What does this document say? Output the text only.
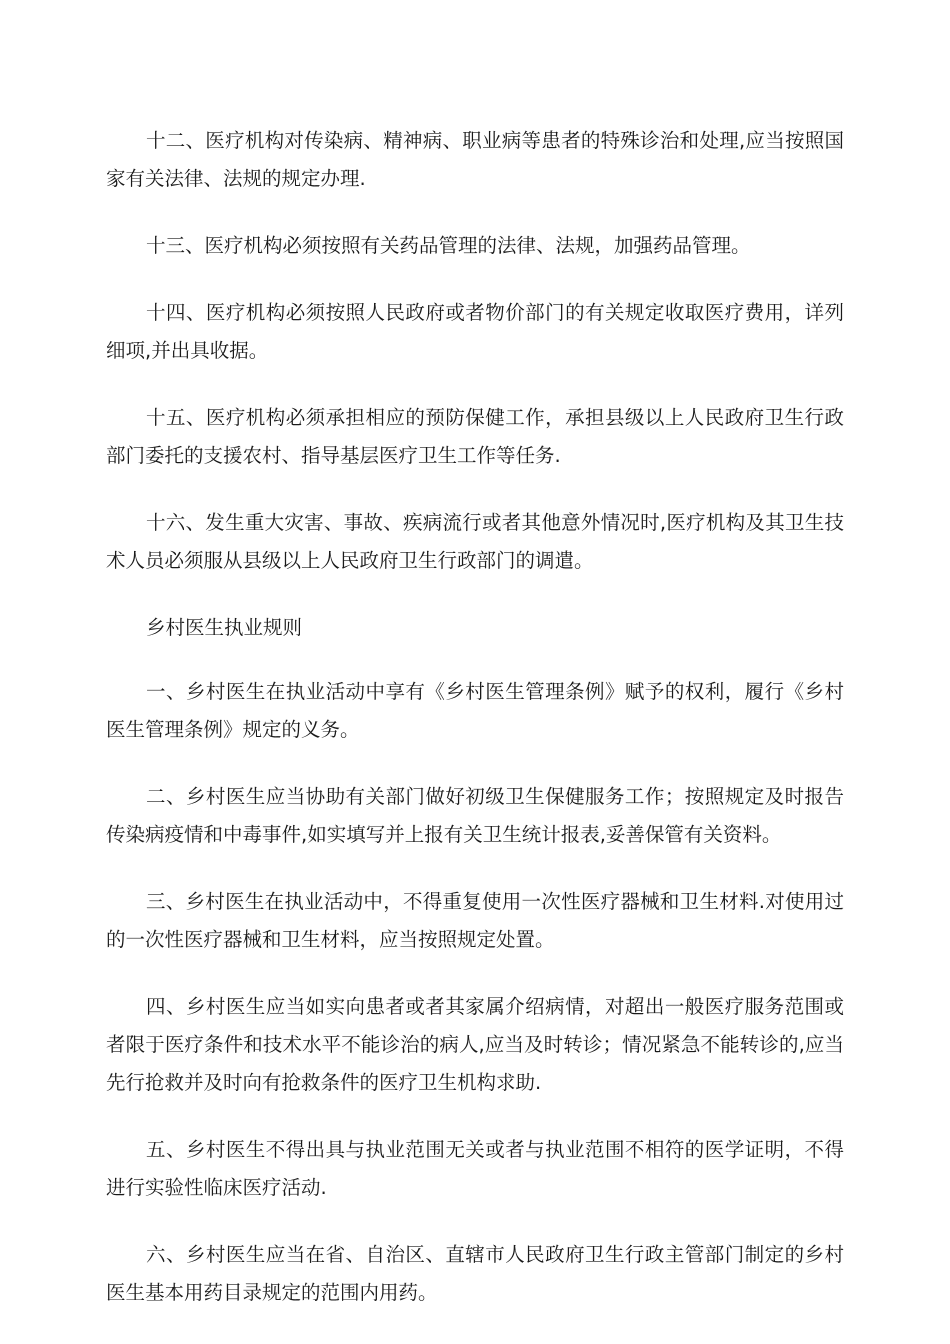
十二、医疗机构对传染病、精神病、职业病等患者的特殊诊治和处理,应当按照国家有关法律、法规的规定办理.

十三、医疗机构必须按照有关药品管理的法律、法规，加强药品管理。

十四、医疗机构必须按照人民政府或者物价部门的有关规定收取医疗费用，详列细项,并出具收据。

十五、医疗机构必须承担相应的预防保健工作，承担县级以上人民政府卫生行政部门委托的支援农村、指导基层医疗卫生工作等任务.

十六、发生重大灾害、事故、疾病流行或者其他意外情况时,医疗机构及其卫生技术人员必须服从县级以上人民政府卫生行政部门的调遣。

乡村医生执业规则

一、乡村医生在执业活动中享有《乡村医生管理条例》赋予的权利，履行《乡村医生管理条例》规定的义务。

二、乡村医生应当协助有关部门做好初级卫生保健服务工作；按照规定及时报告传染病疫情和中毒事件,如实填写并上报有关卫生统计报表,妥善保管有关资料。

三、乡村医生在执业活动中，不得重复使用一次性医疗器械和卫生材料.对使用过的一次性医疗器械和卫生材料，应当按照规定处置。

四、乡村医生应当如实向患者或者其家属介绍病情，对超出一般医疗服务范围或者限于医疗条件和技术水平不能诊治的病人,应当及时转诊；情况紧急不能转诊的,应当先行抢救并及时向有抢救条件的医疗卫生机构求助.

五、乡村医生不得出具与执业范围无关或者与执业范围不相符的医学证明，不得进行实验性临床医疗活动.

六、乡村医生应当在省、自治区、直辖市人民政府卫生行政主管部门制定的乡村医生基本用药目录规定的范围内用药。
